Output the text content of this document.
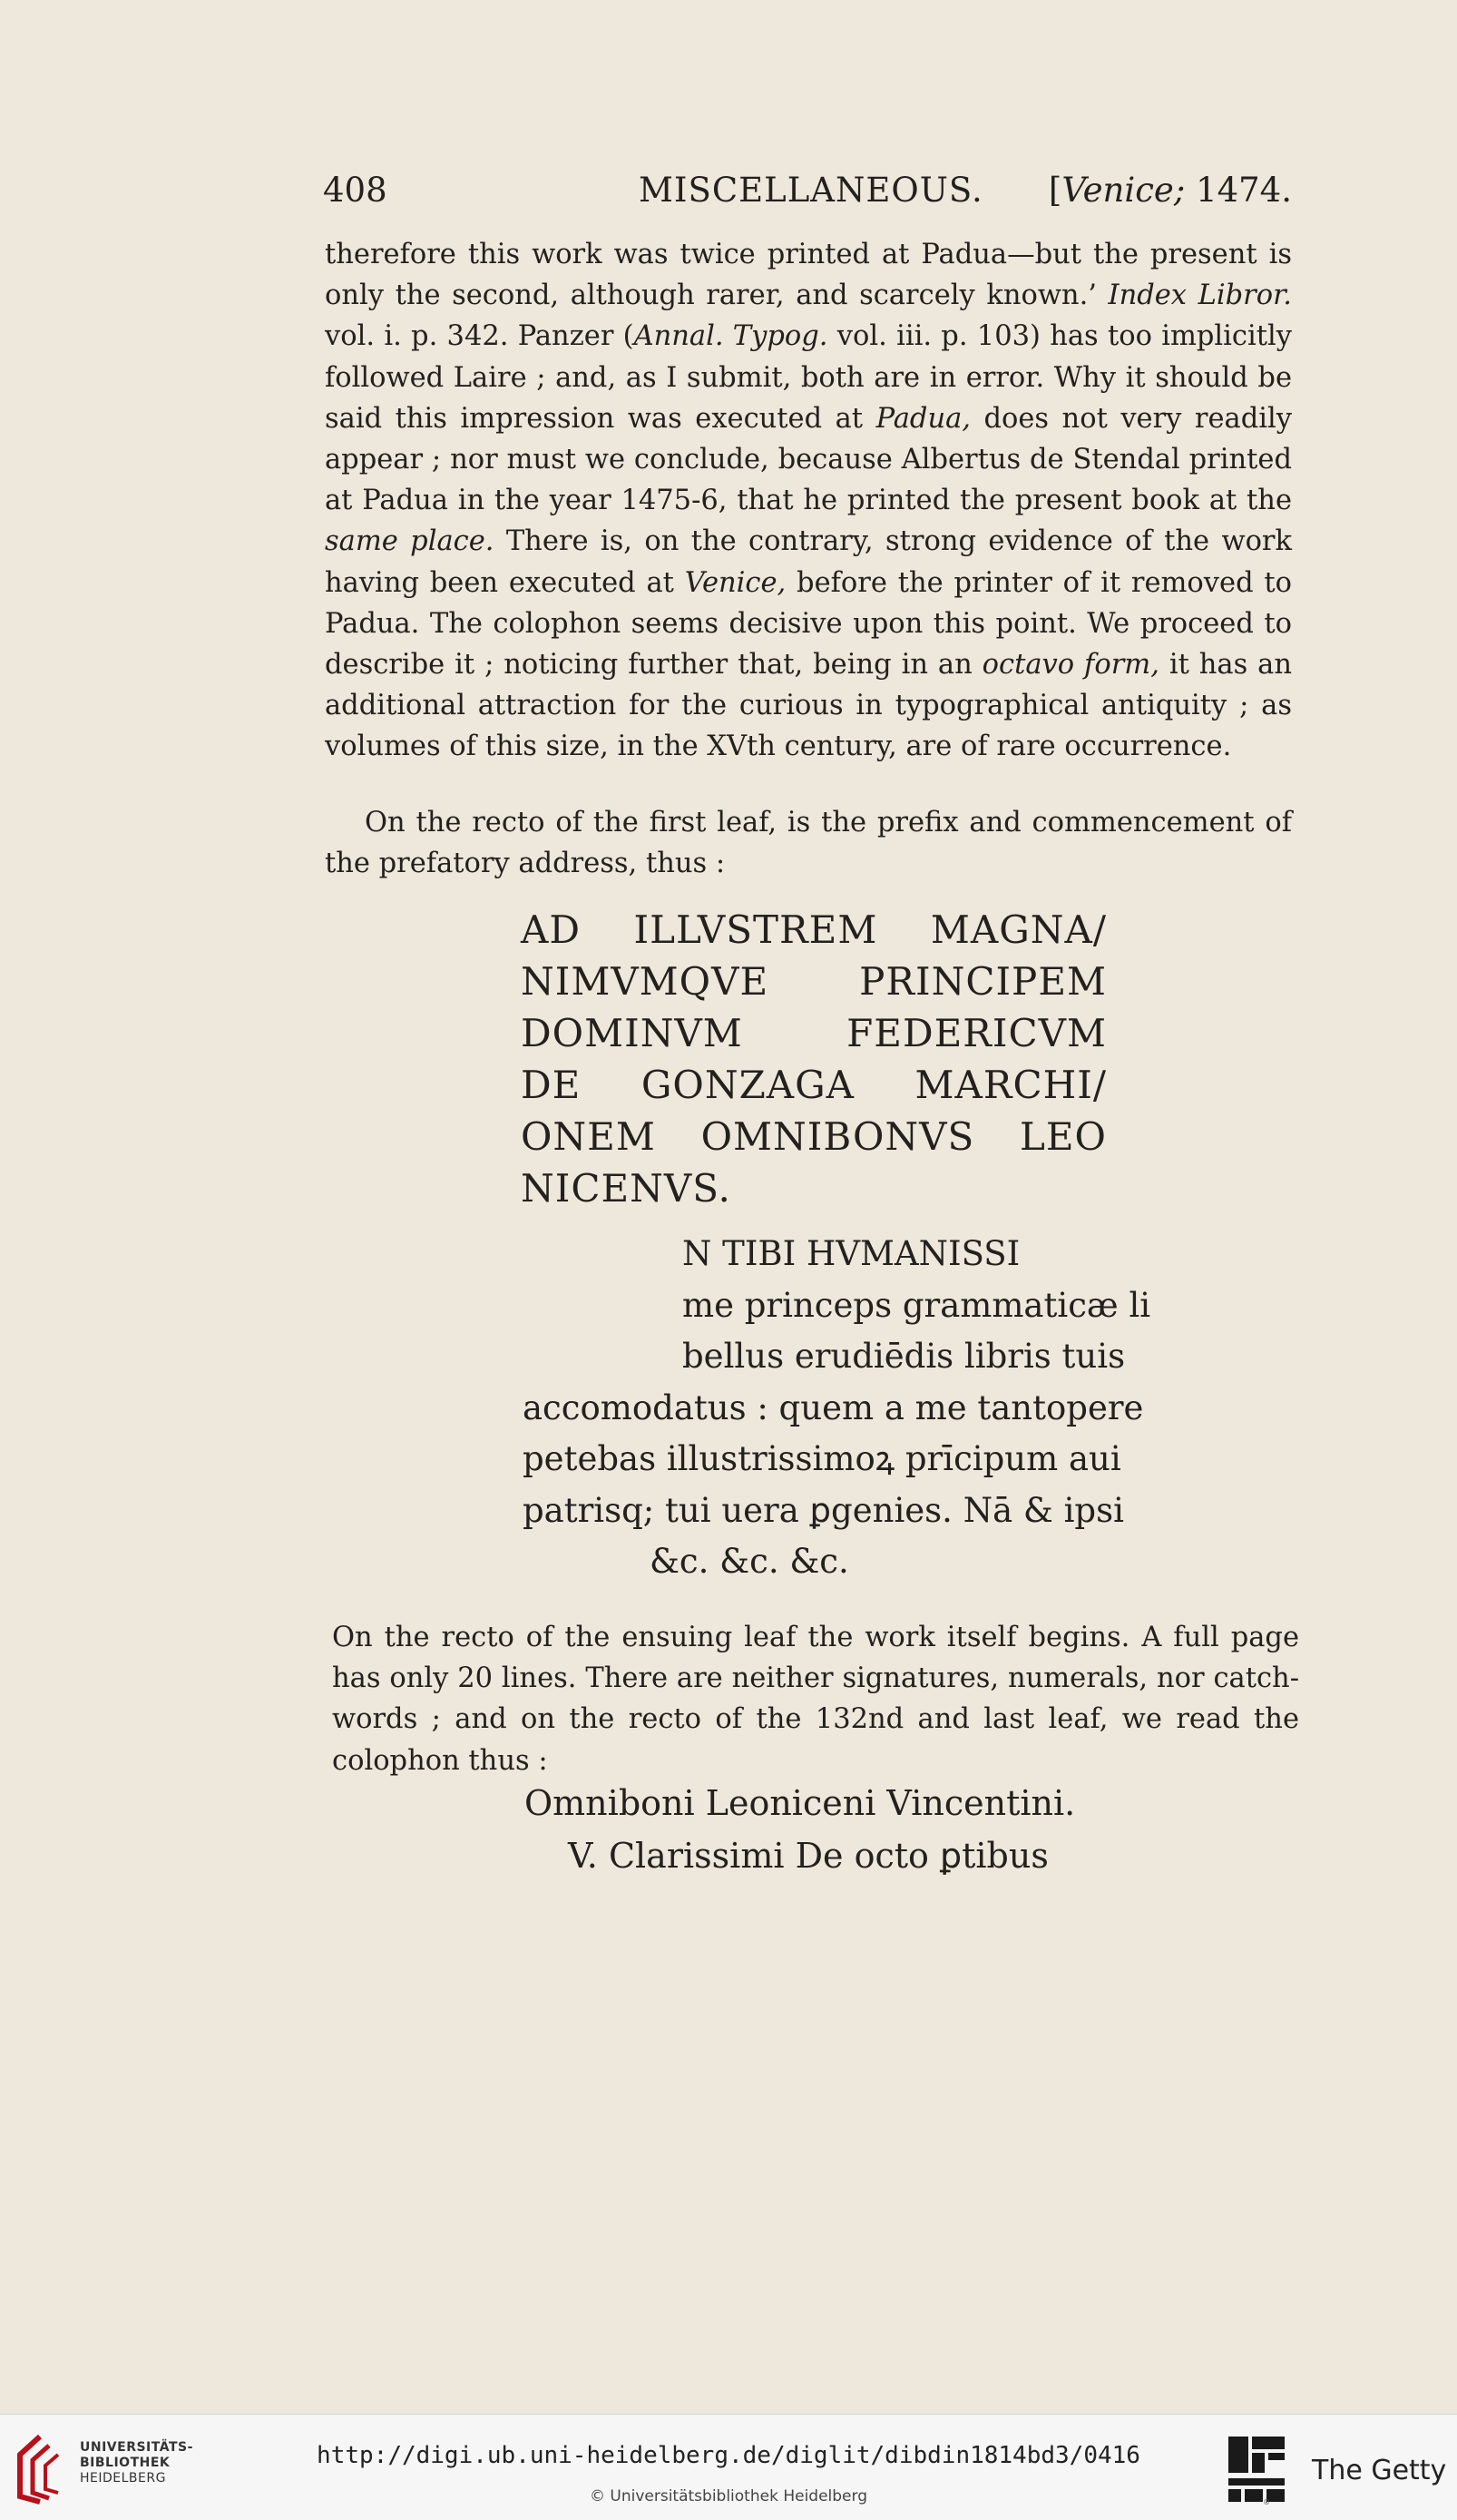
408	MISCELLANEOUS. [Venice; 1474.
therefore this work was twice printed at Padua—but the present is only the second, although rarer, and scarcely known.’ Index Libror. vol. i. p. 342. Panzer (Annal. Typog. vol. iii. p. 103) has too implicitly followed Laire ; and, as I submit, both are in error. Why it should be said this impression was executed at Padua, does not very readily appear ; nor must we conclude, because Albertus de Stendal printed at Padua in the year 1475-6, that he printed the present book at the same place. There is, on the contrary, strong evidence of the work having been executed at Venice, before the printer of it removed to Padua. The colophon seems decisive upon this point. We proceed to describe it ; noticing further that, being in an octavo form, it has an additional attraction for the curious in typographical antiquity ; as volumes of this size, in the XVth century, are of rare occurrence.
On the recto of the first leaf, is the prefix and commencement of the prefatory address, thus :
AD ILLVSTREM MAGNA/
NIMVMQVE PRINCIPEM
DOMINVM FEDERICVM
DE GONZAGA MARCHI/
ONEM OMNIBONVS LEO
NICENVS.
N TIBI HVMANISSI
me princeps grammaticæ li
bellus erudiēdis libris tuis
accomodatus : quem a me tantopere
petebas illustrissimoꝝ prīcipum aui
patrisq; tui uera ꝑgenies. Nā & ipsi
&c. &c. &c.
On the recto of the ensuing leaf the work itself begins. A full page has only 20 lines. There are neither signatures, numerals, nor catch-words ; and on the recto of the 132nd and last leaf, we read the colophon thus :
Omniboni Leoniceni Vincentini.
V. Clarissimi De octo ꝑtibus
UNIVERSITÄTS-
BIBLIOTHEK
HEIDELBERG
http://digi.ub.uni-heidelberg.de/diglit/dibdin1814bd3/0416
© Universitätsbibliothek Heidelberg	®
The Getty
